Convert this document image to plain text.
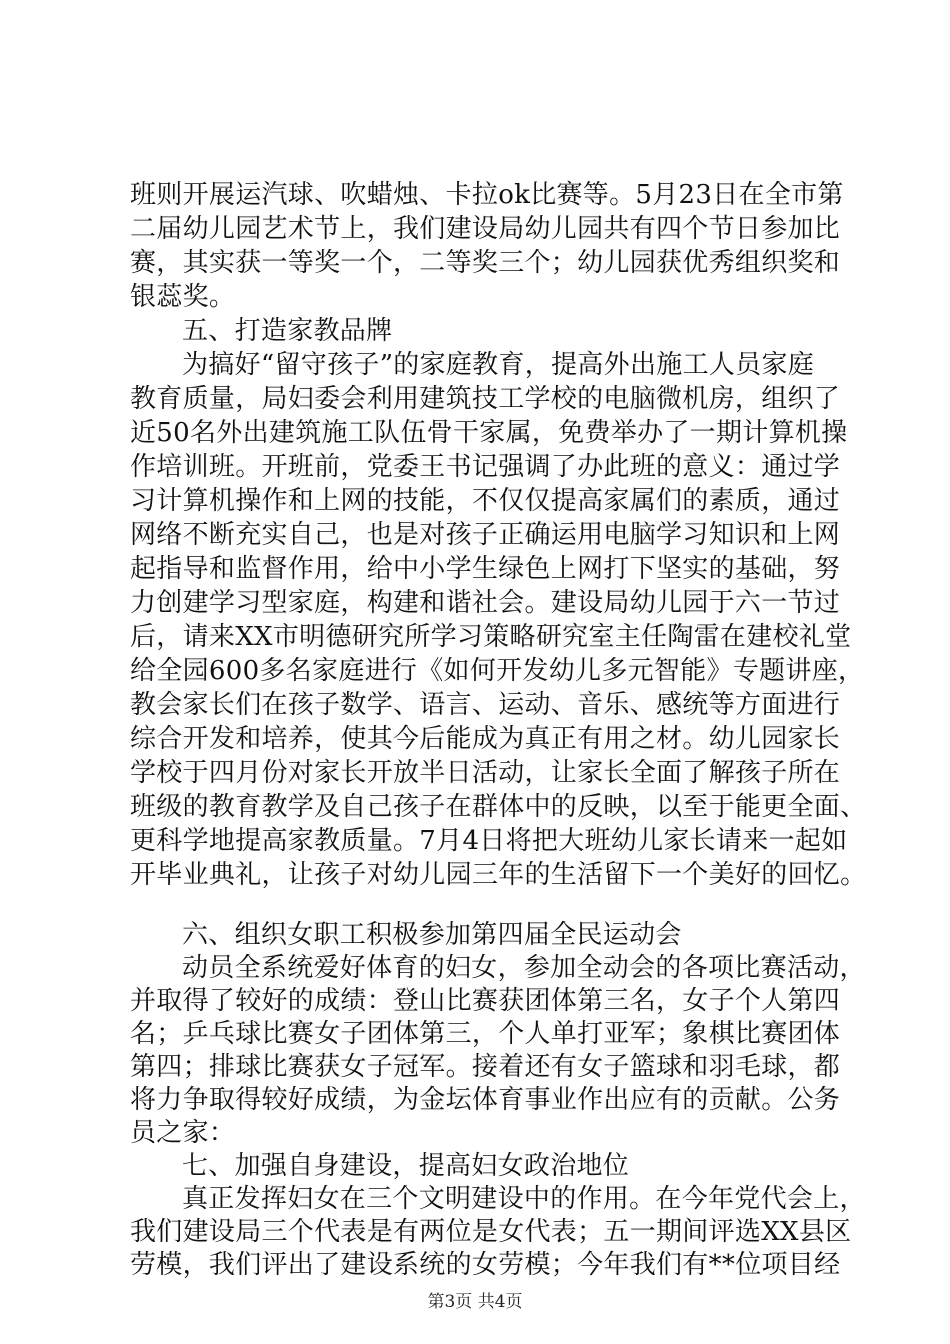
班则开展运汽球、吹蜡烛、卡拉ok比赛等。5月23日在全市第
二届幼儿园艺术节上，我们建设局幼儿园共有四个节日参加比
赛，其实获一等奖一个，二等奖三个；幼儿园获优秀组织奖和
银蕊奖。
五、打造家教品牌
为搞好“留守孩子”的家庭教育，提高外出施工人员家庭
教育质量，局妇委会利用建筑技工学校的电脑微机房，组织了
近50名外出建筑施工队伍骨干家属，免费举办了一期计算机操
作培训班。开班前，党委王书记强调了办此班的意义：通过学
习计算机操作和上网的技能，不仅仅提高家属们的素质，通过
网络不断充实自己，也是对孩子正确运用电脑学习知识和上网
起指导和监督作用，给中小学生绿色上网打下坚实的基础，努
力创建学习型家庭，构建和谐社会。建设局幼儿园于六一节过
后，请来XX市明德研究所学习策略研究室主任陶雷在建校礼堂
给全园600多名家庭进行《如何开发幼儿多元智能》专题讲座，
教会家长们在孩子数学、语言、运动、音乐、感统等方面进行
综合开发和培养，使其今后能成为真正有用之材。幼儿园家长
学校于四月份对家长开放半日活动，让家长全面了解孩子所在
班级的教育教学及自己孩子在群体中的反映，以至于能更全面、
更科学地提高家教质量。7月4日将把大班幼儿家长请来一起如
开毕业典礼，让孩子对幼儿园三年的生活留下一个美好的回忆。
六、组织女职工积极参加第四届全民运动会
动员全系统爱好体育的妇女，参加全动会的各项比赛活动，
并取得了较好的成绩：登山比赛获团体第三名，女子个人第四
名；乒乓球比赛女子团体第三，个人单打亚军；象棋比赛团体
第四；排球比赛获女子冠军。接着还有女子篮球和羽毛球，都
将力争取得较好成绩，为金坛体育事业作出应有的贡献。公务
员之家：
七、加强自身建设，提高妇女政治地位
真正发挥妇女在三个文明建设中的作用。在今年党代会上，
我们建设局三个代表是有两位是女代表；五一期间评选XX县区
劳模，我们评出了建设系统的女劳模；今年我们有**位项目经
第3页 共4页
